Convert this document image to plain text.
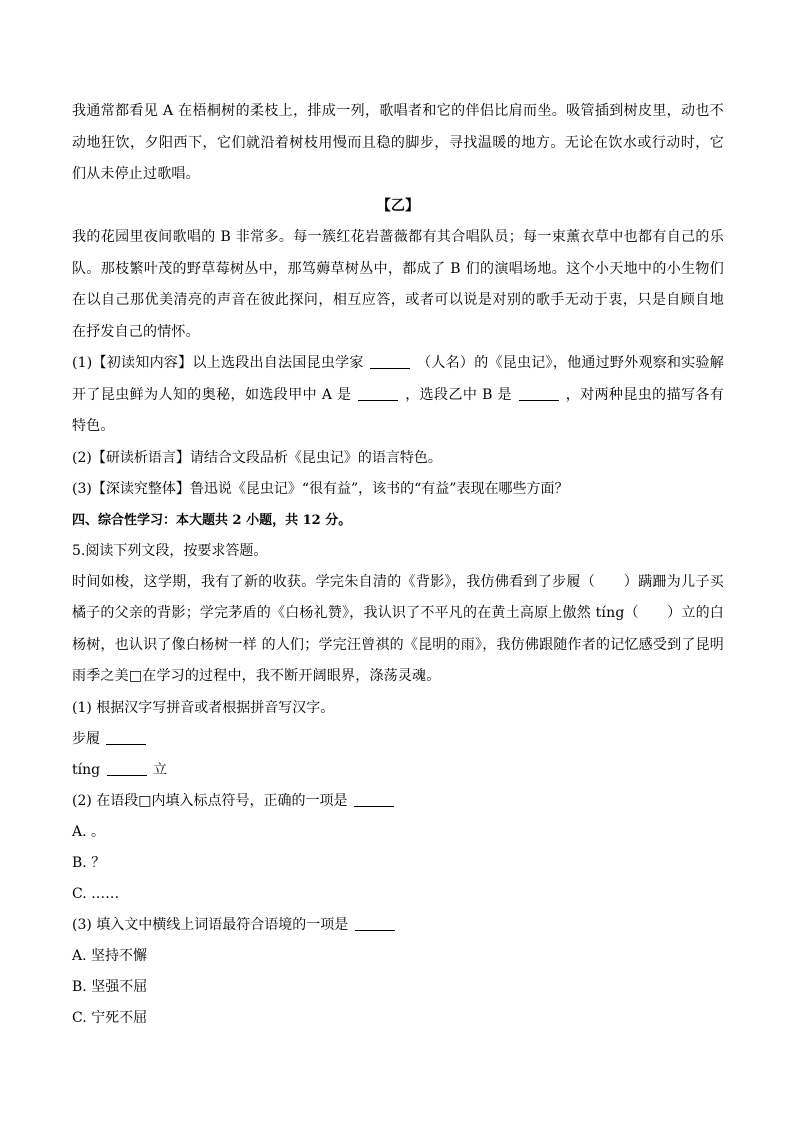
我通常都看见 A 在梧桐树的柔枝上，排成一列，歌唱者和它的伴侣比肩而坐。吸管插到树皮里，动也不动地狂饮，夕阳西下，它们就沿着树枝用慢而且稳的脚步，寻找温暖的地方。无论在饮水或行动时，它们从未停止过歌唱。

【乙】

我的花园里夜间歌唱的 B 非常多。每一簇红花岩蔷薇都有其合唱队员；每一束薰衣草中也都有自己的乐队。那枝繁叶茂的野草莓树丛中，那笃薅草树丛中，都成了 B 们的演唱场地。这个小天地中的小生物们在以自己那优美清亮的声音在彼此探问，相互应答，或者可以说是对别的歌手无动于衷，只是自顾自地在抒发自己的情怀。

(1)【初读知内容】以上选段出自法国昆虫学家	（人名）的《昆虫记》，他通过野外观察和实验解开了昆虫鲜为人知的奥秘，如选段甲中 A 是	，选段乙中 B 是	，对两种昆虫的描写各有特色。

(2)【研读析语言】请结合文段品析《昆虫记》的语言特色。

(3)【深读究整体】鲁迅说《昆虫记》“很有益”，该书的“有益”表现在哪些方面？

四、综合性学习：本大题共 2 小题，共 12 分。

5.阅读下列文段，按要求答题。

时间如梭，这学期，我有了新的收获。学完朱自清的《背影》，我仿佛看到了步履（　　）蹒跚为儿子买橘子的父亲的背影；学完茅盾的《白杨礼赞》，我认识了不平凡的在黄土高原上傲然 tíng（　　）立的白杨树，也认识了像白杨树一样 的人们；学完汪曾祺的《昆明的雨》，我仿佛跟随作者的记忆感受到了昆明雨季之美□在学习的过程中，我不断开阔眼界，涤荡灵魂。

(1) 根据汉字写拼音或者根据拼音写汉字。

步履

tíng	立

(2) 在语段□内填入标点符号，正确的一项是

A. 。

B. ？

C. ……

(3) 填入文中横线上词语最符合语境的一项是

A. 坚持不懈

B. 坚强不屈

C. 宁死不屈
